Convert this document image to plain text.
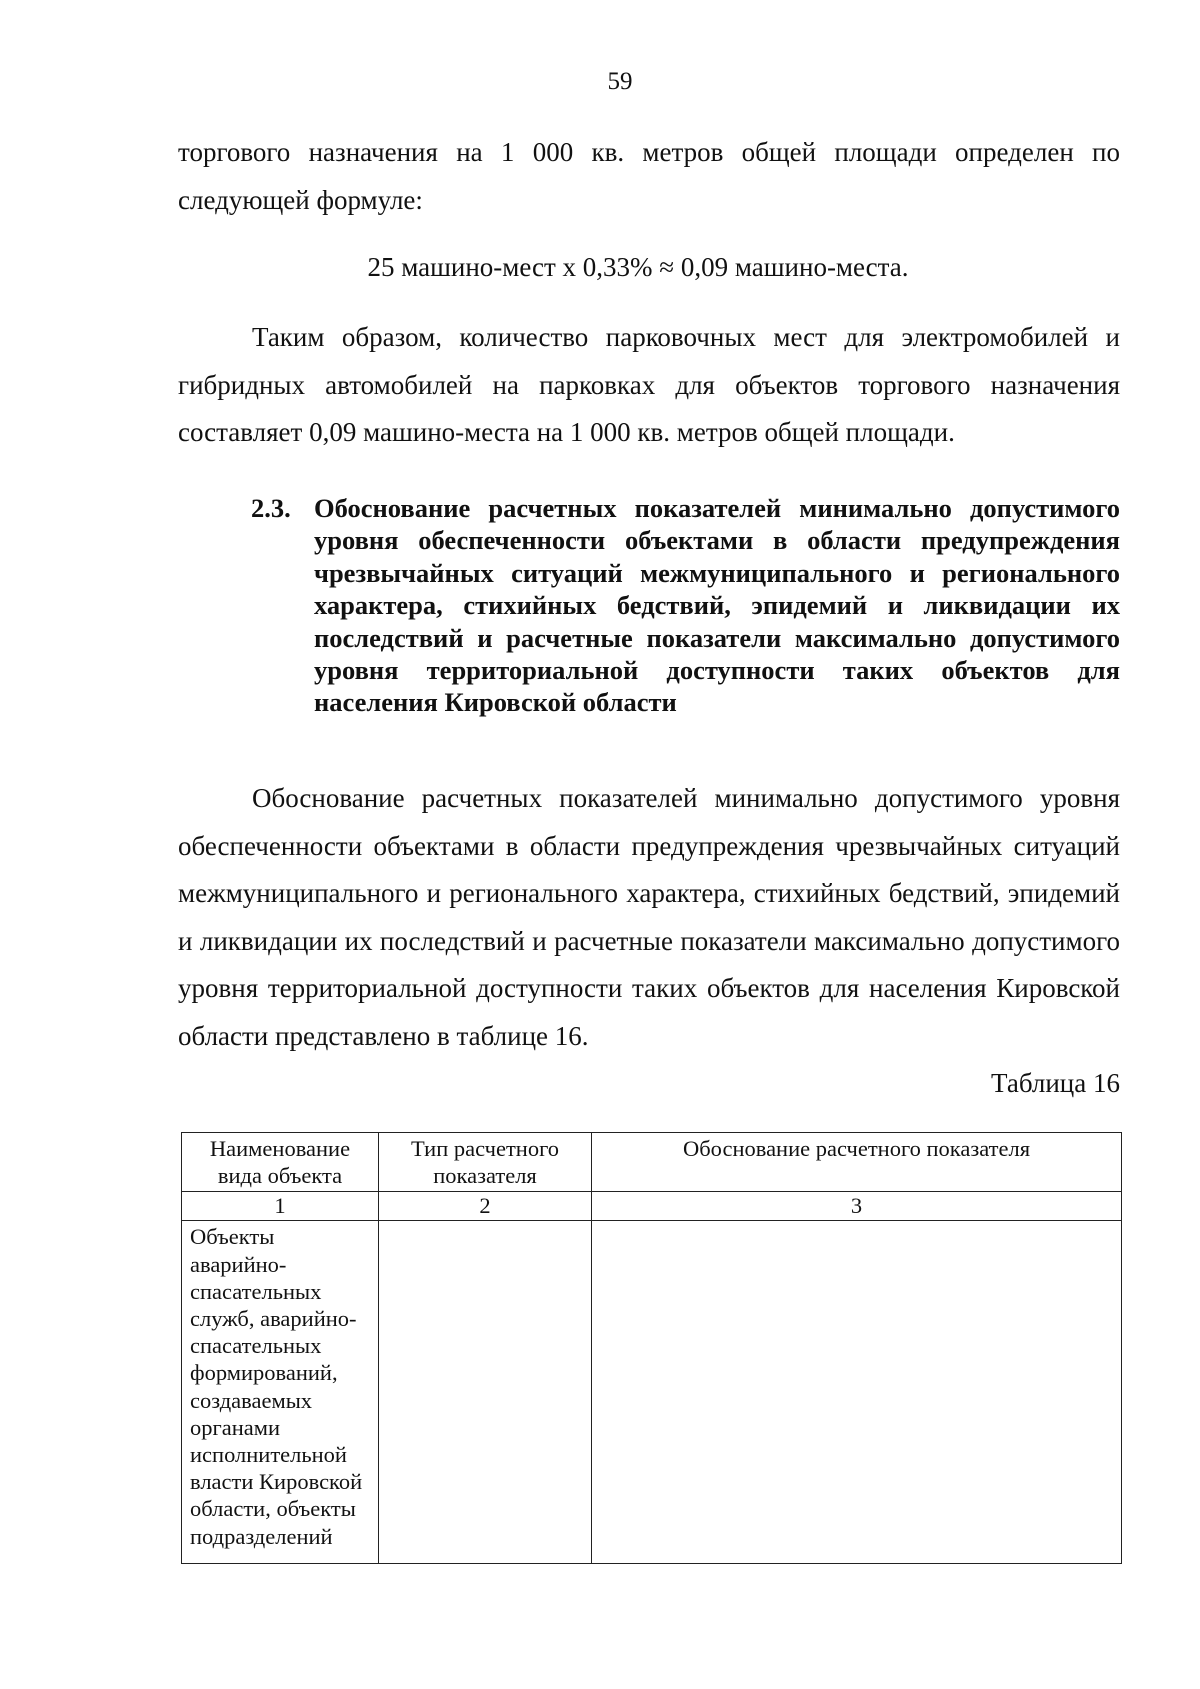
59

торгового назначения на 1 000 кв. метров общей площади определен по следующей формуле:

25 машино-мест х 0,33% ≈ 0,09 машино-места.

Таким образом, количество парковочных мест для электромобилей и гибридных автомобилей на парковках для объектов торгового назначения составляет 0,09 машино-места на 1 000 кв. метров общей площади.

2.3. Обоснование расчетных показателей минимально допустимого уровня обеспеченности объектами в области предупреждения чрезвычайных ситуаций межмуниципального и регионального характера, стихийных бедствий, эпидемий и ликвидации их последствий и расчетные показатели максимально допустимого уровня территориальной доступности таких объектов для населения Кировской области

Обоснование расчетных показателей минимально допустимого уровня обеспеченности объектами в области предупреждения чрезвычайных ситуаций межмуниципального и регионального характера, стихийных бедствий, эпидемий и ликвидации их последствий и расчетные показатели максимально допустимого уровня территориальной доступности таких объектов для населения Кировской области представлено в таблице 16.

Таблица 16
Наименование вида объекта	Тип расчетного показателя	Обоснование расчетного показателя
1	2	3
Объекты аварийно-спасательных служб, аварийно-спасательных формирований, создаваемых органами исполнительной власти Кировской области, объекты подразделений		
